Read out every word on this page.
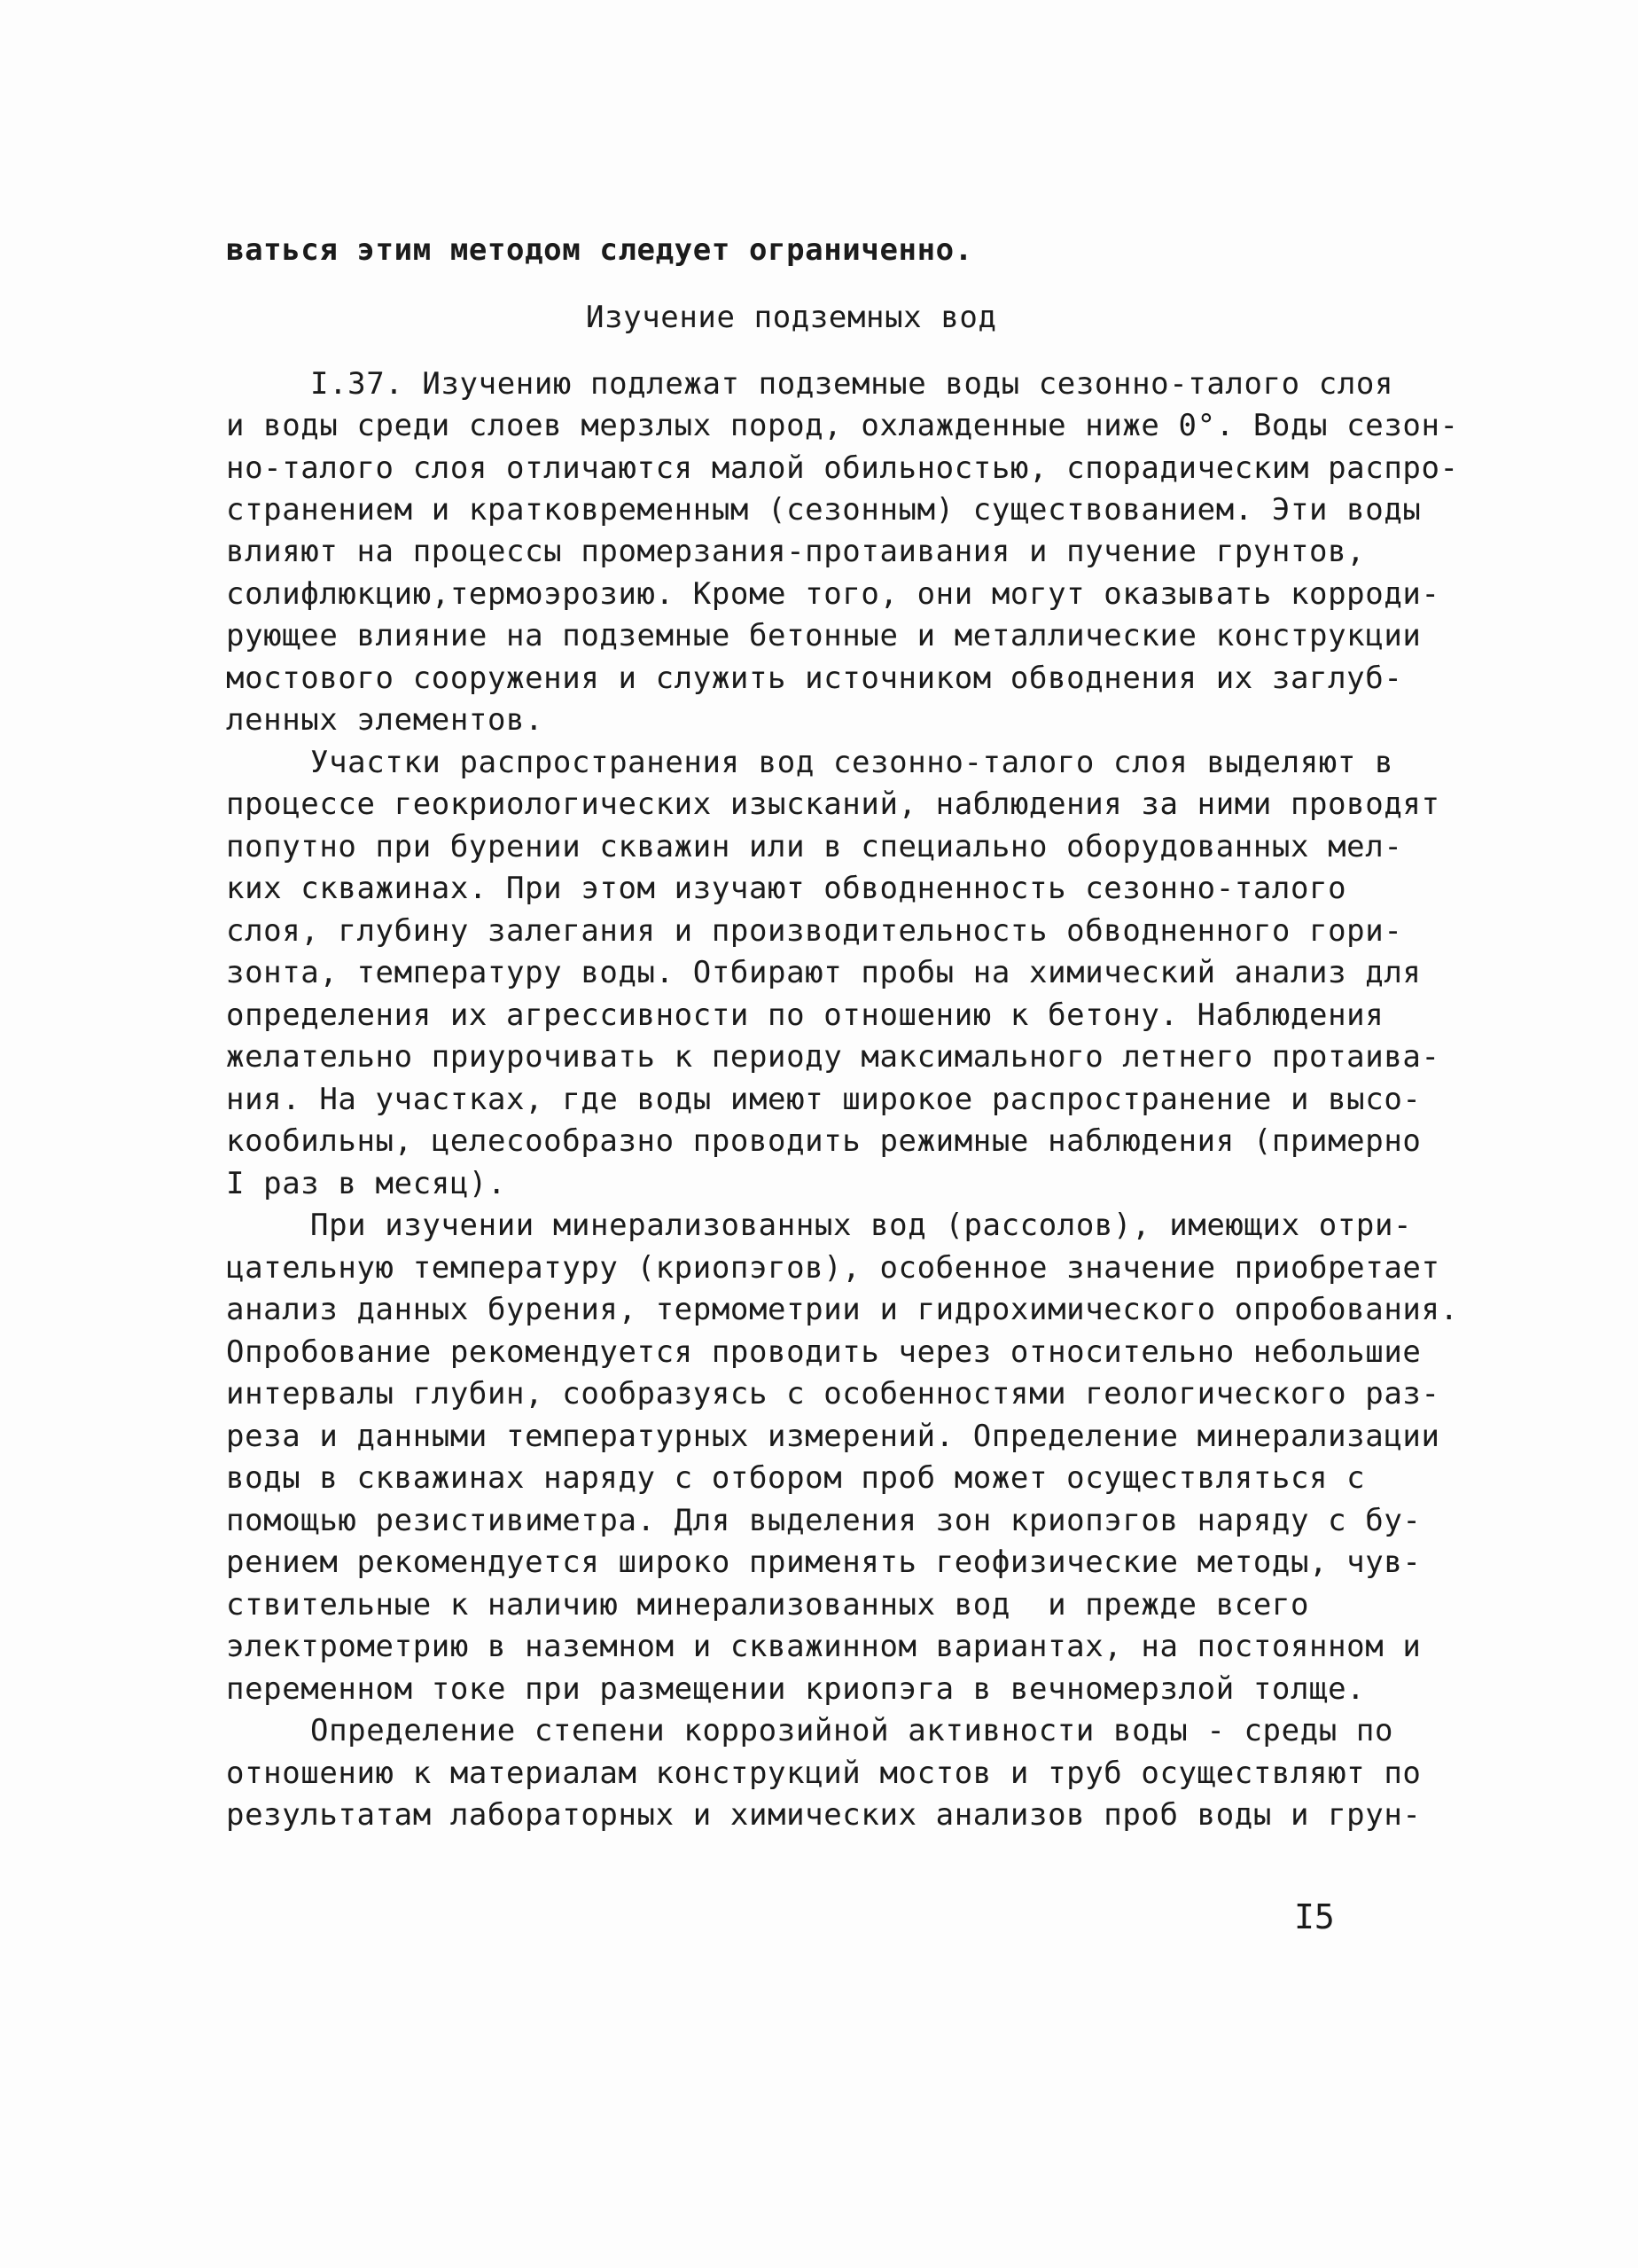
ваться этим методом следует ограниченно.
Изучение подземных вод
I.37. Изучению подлежат подземные воды сезонно-талого слоя
и воды среди слоев мерзлых пород, охлажденные ниже 0°. Воды сезон-
но-талого слоя отличаются малой обильностью, спорадическим распро-
странением и кратковременным (сезонным) существованием. Эти воды
влияют на процессы промерзания-протаивания и пучение грунтов,
солифлюкцию,термоэрозию. Кроме того, они могут оказывать корроди-
рующее влияние на подземные бетонные и металлические конструкции
мостового сооружения и служить источником обводнения их заглуб-
ленных элементов.
Участки распространения вод сезонно-талого слоя выделяют в
процессе геокриологических изысканий, наблюдения за ними проводят
попутно при бурении скважин или в специально оборудованных мел-
ких скважинах. При этом изучают обводненность сезонно-талого
слоя, глубину залегания и производительность обводненного гори-
зонта, температуру воды. Отбирают пробы на химический анализ для
определения их агрессивности по отношению к бетону. Наблюдения
желательно приурочивать к периоду максимального летнего протаива-
ния. На участках, где воды имеют широкое распространение и высо-
кообильны, целесообразно проводить режимные наблюдения (примерно
I раз в месяц).
При изучении минерализованных вод (рассолов), имеющих отри-
цательную температуру (криопэгов), особенное значение приобретает
анализ данных бурения, термометрии и гидрохимического опробования.
Опробование рекомендуется проводить через относительно небольшие
интервалы глубин, сообразуясь с особенностями геологического раз-
реза и данными температурных измерений. Определение минерализации
воды в скважинах наряду с отбором проб может осуществляться с
помощью резистивиметра. Для выделения зон криопэгов наряду с бу-
рением рекомендуется широко применять геофизические методы, чув-
ствительные к наличию минерализованных вод  и прежде всего
электрометрию в наземном и скважинном вариантах, на постоянном и
переменном токе при размещении криопэга в вечномерзлой толще.
Определение степени коррозийной активности воды - среды по
отношению к материалам конструкций мостов и труб осуществляют по
результатам лабораторных и химических анализов проб воды и грун-
I5
